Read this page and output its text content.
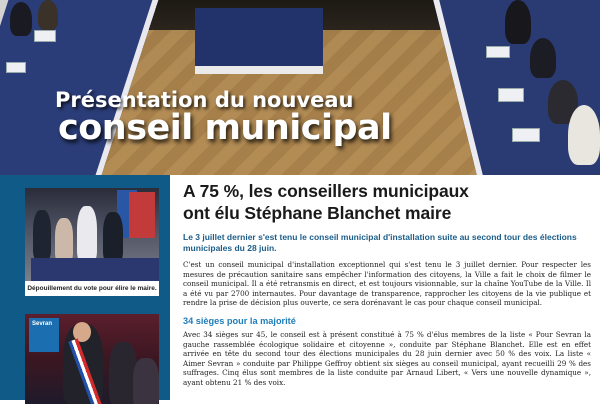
Présentation du nouveau
conseil municipal
Dépouillement du vote pour élire le maire.
Sevran
A 75 %, les conseillers municipaux
ont élu Stéphane Blanchet maire
Le 3 juillet dernier s'est tenu le conseil municipal d'installation suite au second tour des élections municipales du 28 juin.
C'est un conseil municipal d'installation exceptionnel qui s'est tenu le 3 juillet dernier. Pour respecter les mesures de précaution sanitaire sans empêcher l'information des citoyens, la Ville a fait le choix de filmer le conseil municipal. Il a été retransmis en direct, et est toujours visionnable, sur la chaîne YouTube de la Ville. Il a été vu par 2700 internautes. Pour davantage de transparence, rapprocher les citoyens de la vie publique et rendre la prise de décision plus ouverte, ce sera dorénavant le cas pour chaque conseil municipal.
34 sièges pour la majorité
Avec 34 sièges sur 45, le conseil est à présent constitué à 75 % d'élus membres de la liste « Pour Sevran la gauche rassemblée écologique solidaire et citoyenne », conduite par Stéphane Blanchet. Elle est en effet arrivée en tête du second tour des élections municipales du 28 juin dernier avec 50 % des voix. La liste « Aimer Sevran » conduite par Philippe Geffroy obtient six sièges au conseil municipal, ayant recueilli 29 % des suffrages. Cinq élus sont membres de la liste conduite par Arnaud Libert, « Vers une nouvelle dynamique », ayant obtenu 21 % des voix.
